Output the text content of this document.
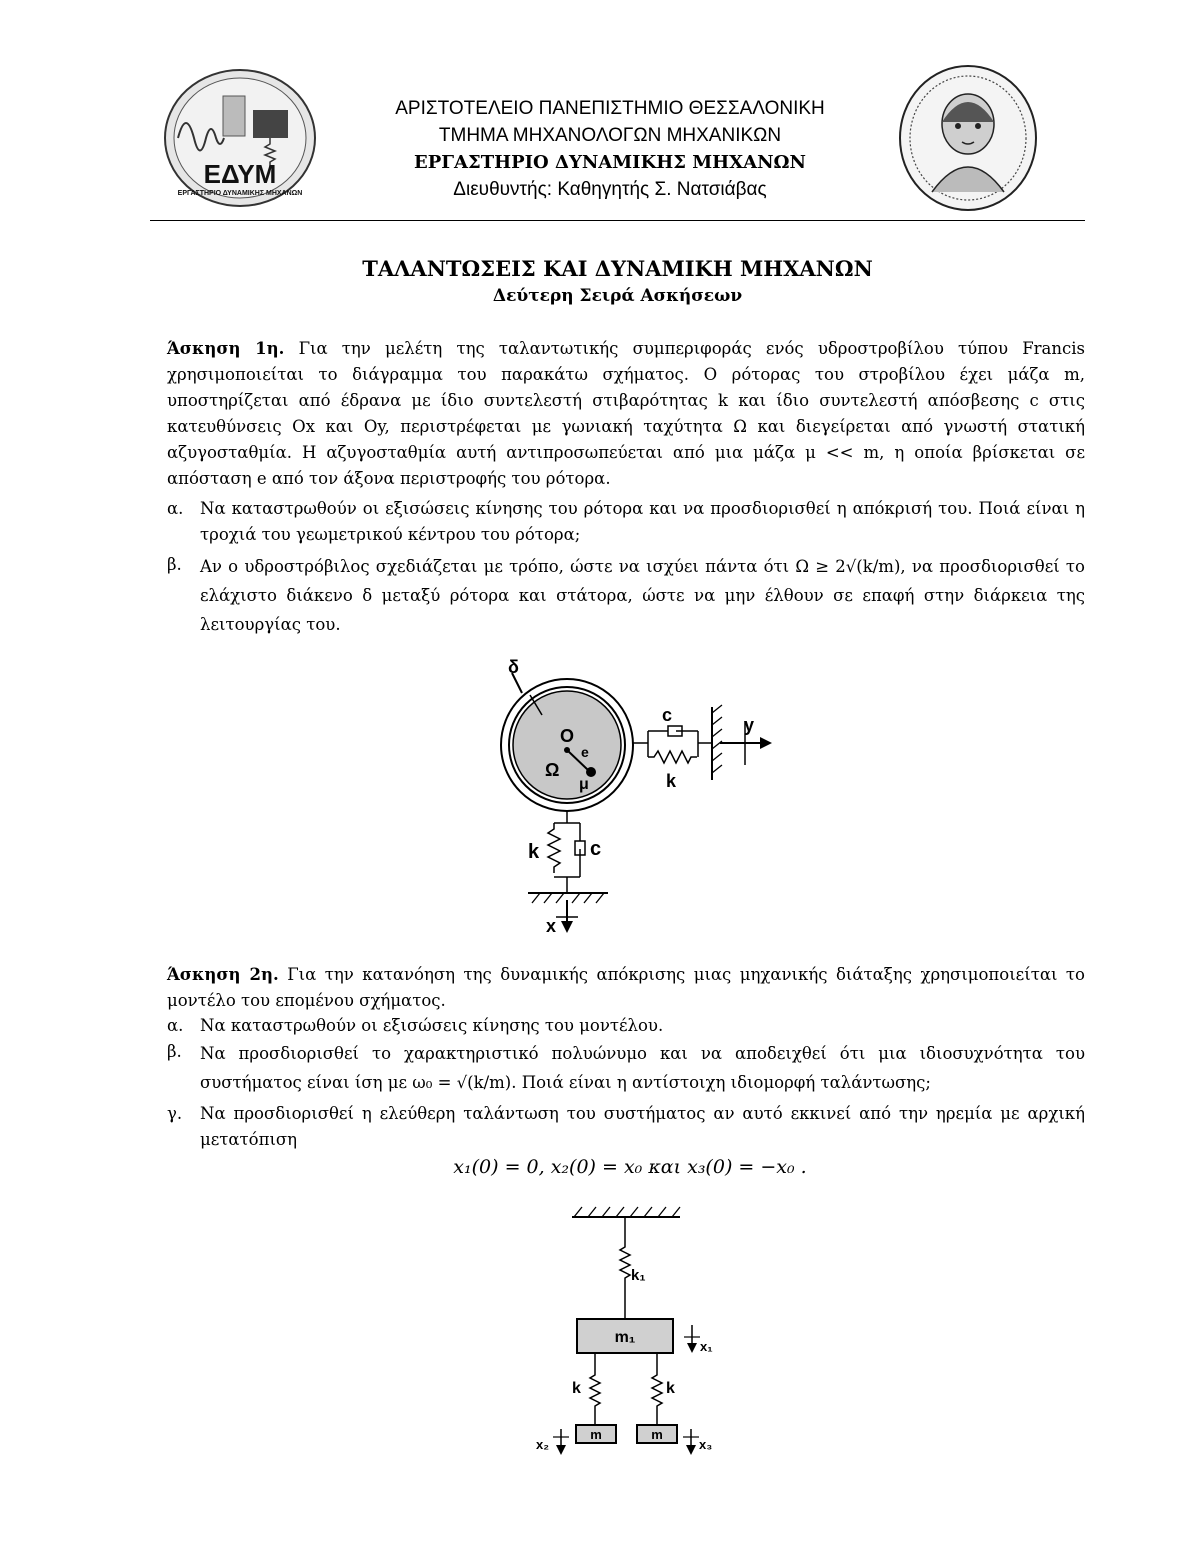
ΕΔΥΜ
ΕΡΓΑΣΤΗΡΙΟ ΔΥΝΑΜΙΚΗΣ ΜΗΧΑΝΩΝ
ΑΡΙΣΤΟΤΕΛΕΙΟ ΠΑΝΕΠΙΣΤΗΜΙΟ ΘΕΣΣΑΛΟΝΙΚΗ
ΤΜΗΜΑ ΜΗΧΑΝΟΛΟΓΩΝ ΜΗΧΑΝΙΚΩΝ
ΕΡΓΑΣΤΗΡΙΟ ΔΥΝΑΜΙΚΗΣ ΜΗΧΑΝΩΝ
Διευθυντής: Καθηγητής Σ. Νατσιάβας
ΤΑΛΑΝΤΩΣΕΙΣ ΚΑΙ ΔΥΝΑΜΙΚΗ ΜΗΧΑΝΩΝ
Δεύτερη Σειρά Ασκήσεων
Άσκηση 1η. Για την μελέτη της ταλαντωτικής συμπεριφοράς ενός υδροστροβίλου τύπου Francis χρησιμοποιείται το διάγραμμα του παρακάτω σχήματος. Ο ρότορας του στροβίλου έχει μάζα m, υποστηρίζεται από έδρανα με ίδιο συντελεστή στιβαρότητας k και ίδιο συντελεστή απόσβεσης c στις κατευθύνσεις Ox και Oy, περιστρέφεται με γωνιακή ταχύτητα Ω και διεγείρεται από γνωστή στατική αζυγοσταθμία. Η αζυγοσταθμία αυτή αντιπροσωπεύεται από μια μάζα μ << m, η οποία βρίσκεται σε απόσταση e από τον άξονα περιστροφής του ρότορα.
α. Να καταστρωθούν οι εξισώσεις κίνησης του ρότορα και να προσδιορισθεί η απόκρισή του. Ποιά είναι η τροχιά του γεωμετρικού κέντρου του ρότορα;
β. Αν ο υδροστρόβιλος σχεδιάζεται με τρόπο, ώστε να ισχύει πάντα ότι Ω ≥ 2√(k/m), να προσδιορισθεί το ελάχιστο διάκενο δ μεταξύ ρότορα και στάτορα, ώστε να μην έλθουν σε επαφή στην διάρκεια της λειτουργίας του.
δ
O
e
Ω
μ
c
k
y
k	c
x
Άσκηση 2η. Για την κατανόηση της δυναμικής απόκρισης μιας μηχανικής διάταξης χρησιμοποιείται το μοντέλο του επομένου σχήματος.
α. Να καταστρωθούν οι εξισώσεις κίνησης του μοντέλου.
β. Να προσδιορισθεί το χαρακτηριστικό πολυώνυμο και να αποδειχθεί ότι μια ιδιοσυχνότητα του συστήματος είναι ίση με ω₀ = √(k/m). Ποιά είναι η αντίστοιχη ιδιομορφή ταλάντωσης;
γ. Να προσδιορισθεί η ελεύθερη ταλάντωση του συστήματος αν αυτό εκκινεί από την ηρεμία με αρχική μετατόπιση
x₁(0) = 0, x₂(0) = x₀ και x₃(0) = −x₀ .
k₁
m₁
x₁
k	k
m
x₂
m
x₃
